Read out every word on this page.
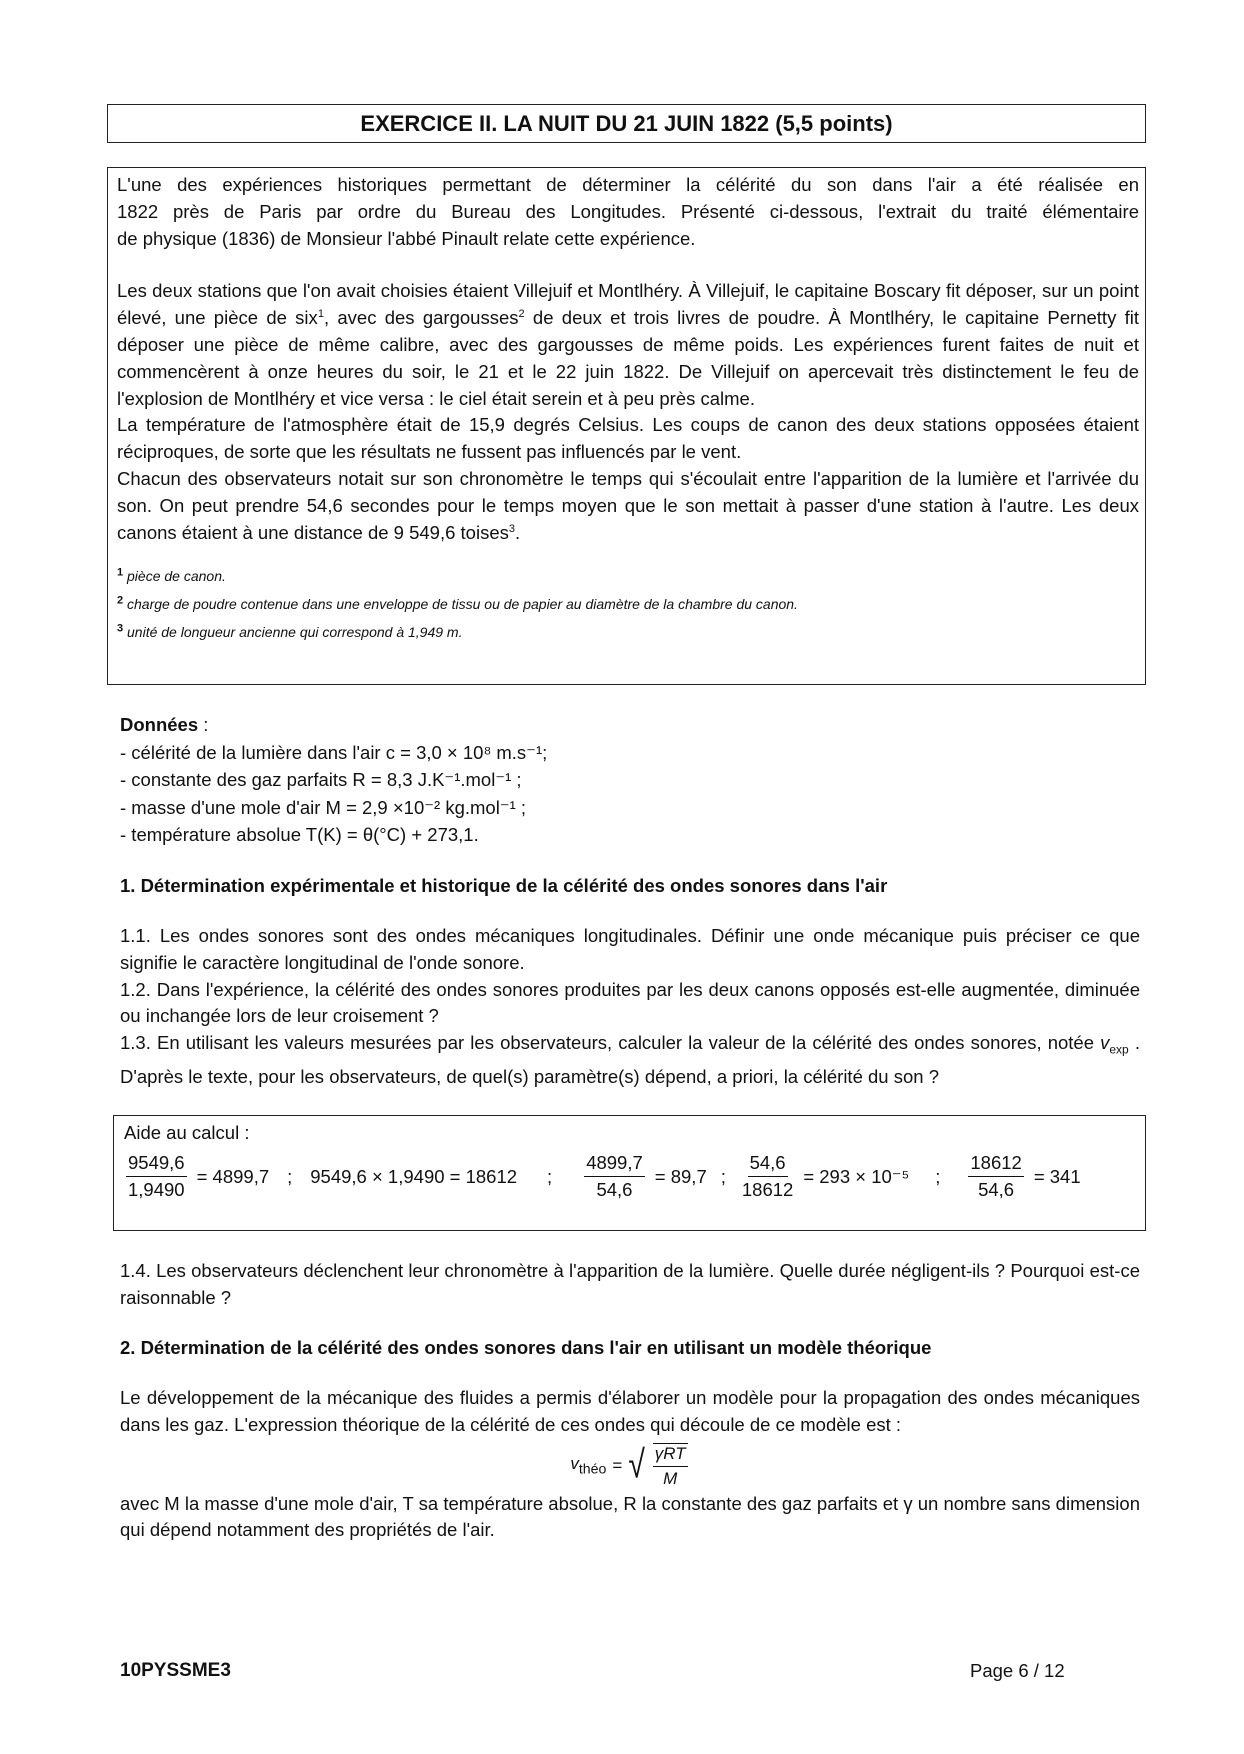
EXERCICE II. LA NUIT DU 21 JUIN 1822 (5,5 points)
L'une des expériences historiques permettant de déterminer la célérité du son dans l'air a été réalisée en
1822 près de Paris par ordre du Bureau des Longitudes. Présenté ci-dessous, l'extrait du traité élémentaire
de physique (1836) de Monsieur l'abbé Pinault relate cette expérience.

Les deux stations que l'on avait choisies étaient Villejuif et Montlhéry. À Villejuif, le capitaine Boscary fit déposer, sur un point élevé, une pièce de six$^1$, avec des gargousses$^2$ de deux et trois livres de poudre. À Montlhéry, le capitaine Pernetty fit déposer une pièce de même calibre, avec des gargousses de même poids. Les expériences furent faites de nuit et commencèrent à onze heures du soir, le 21 et le 22 juin 1822. De Villejuif on apercevait très distinctement le feu de l'explosion de Montlhéry et vice versa : le ciel était serein et à peu près calme.

La température de l'atmosphère était de 15,9 degrés Celsius. Les coups de canon des deux stations opposées étaient réciproques, de sorte que les résultats ne fussent pas influencés par le vent.

Chacun des observateurs notait sur son chronomètre le temps qui s'écoulait entre l'apparition de la lumière et l'arrivée du son. On peut prendre 54,6 secondes pour le temps moyen que le son mettait à passer d'une station à l'autre. Les deux canons étaient à une distance de 9 549,6 toises$^3$.

$^1$ pièce de canon.
$^2$ charge de poudre contenue dans une enveloppe de tissu ou de papier au diamètre de la chambre du canon.
$^3$ unité de longueur ancienne qui correspond à 1,949 m.
Données :
- célérité de la lumière dans l'air c = 3,0 × 10⁸ m.s⁻¹;
- constante des gaz parfaits R = 8,3 J.K⁻¹.mol⁻¹ ;
- masse d'une mole d'air M = 2,9 ×10⁻² kg.mol⁻¹ ;
- température absolue T(K) = θ(°C) + 273,1.
1. Détermination expérimentale et historique de la célérité des ondes sonores dans l'air

1.1. Les ondes sonores sont des ondes mécaniques longitudinales. Définir une onde mécanique puis préciser ce que signifie le caractère longitudinal de l'onde sonore.

1.2. Dans l'expérience, la célérité des ondes sonores produites par les deux canons opposés est-elle augmentée, diminuée ou inchangée lors de leur croisement ?

1.3. En utilisant les valeurs mesurées par les observateurs, calculer la valeur de la célérité des ondes sonores, notée $v_{exp}$ . D'après le texte, pour les observateurs, de quel(s) paramètre(s) dépend, a priori, la célérité du son ?

Aide au calcul :
$\frac{9549,6}{1,9490} = 4899,7$ ; 9549,6 × 1,9490 = 18612 ; $\frac{4899,7}{54,6} = 89,7$ ; $\frac{54,6}{18612} = 293 \times 10^{-5}$ ; $\frac{18612}{54,6} = 341$

1.4. Les observateurs déclenchent leur chronomètre à l'apparition de la lumière. Quelle durée négligent-ils ? Pourquoi est-ce raisonnable ?

2. Détermination de la célérité des ondes sonores dans l'air en utilisant un modèle théorique

Le développement de la mécanique des fluides a permis d'élaborer un modèle pour la propagation des ondes mécaniques dans les gaz. L'expression théorique de la célérité de ces ondes qui découle de ce modèle est :

$v_{théo}$ = √ $\frac{\text{γRT}}{M}$

avec M la masse d'une mole d'air, T sa température absolue, R la constante des gaz parfaits et γ un nombre sans dimension qui dépend notamment des propriétés de l'air.

10PYSSME3	Page 6 / 12
